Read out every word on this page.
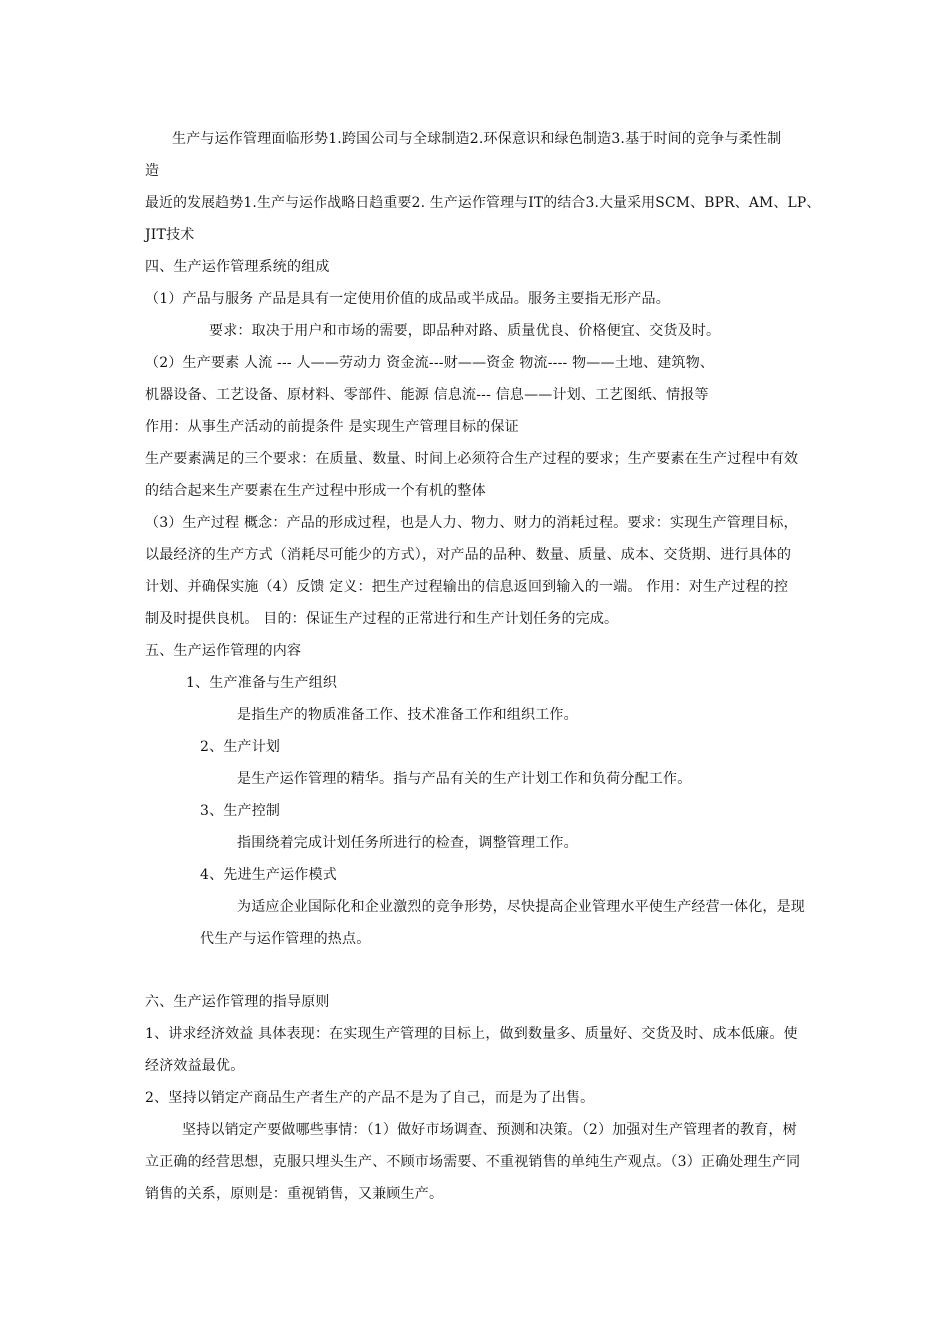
生产与运作管理面临形势1.跨国公司与全球制造2.环保意识和绿色制造3.基于时间的竞争与柔性制
造
最近的发展趋势1.生产与运作战略日趋重要2. 生产运作管理与IT的结合3.大量采用SCM、BPR、AM、LP、
JIT技术
四、生产运作管理系统的组成
（1）产品与服务 产品是具有一定使用价值的成品或半成品。服务主要指无形产品。
要求：取决于用户和市场的需要，即品种对路、质量优良、价格便宜、交货及时。
（2）生产要素 人流 --- 人——劳动力 资金流---财——资金 物流---- 物——土地、建筑物、
机器设备、工艺设备、原材料、零部件、能源 信息流--- 信息——计划、工艺图纸、情报等
作用：从事生产活动的前提条件 是实现生产管理目标的保证
生产要素满足的三个要求：在质量、数量、时间上必须符合生产过程的要求；生产要素在生产过程中有效
的结合起来生产要素在生产过程中形成一个有机的整体
（3）生产过程 概念：产品的形成过程，也是人力、物力、财力的消耗过程。要求：实现生产管理目标，
以最经济的生产方式（消耗尽可能少的方式），对产品的品种、数量、质量、成本、交货期、进行具体的
计划、并确保实施（4）反馈 定义：把生产过程输出的信息返回到输入的一端。 作用：对生产过程的控
制及时提供良机。 目的：保证生产过程的正常进行和生产计划任务的完成。
五、生产运作管理的内容
1、生产准备与生产组织
是指生产的物质准备工作、技术准备工作和组织工作。
2、生产计划
是生产运作管理的精华。指与产品有关的生产计划工作和负荷分配工作。
3、生产控制
指围绕着完成计划任务所进行的检查，调整管理工作。
4、先进生产运作模式
为适应企业国际化和企业激烈的竞争形势，尽快提高企业管理水平使生产经营一体化，是现
代生产与运作管理的热点。
六、生产运作管理的指导原则
1、讲求经济效益 具体表现：在实现生产管理的目标上，做到数量多、质量好、交货及时、成本低廉。使
经济效益最优。
2、坚持以销定产商品生产者生产的产品不是为了自己，而是为了出售。
坚持以销定产要做哪些事情：（1）做好市场调查、预测和决策。（2）加强对生产管理者的教育，树
立正确的经营思想，克服只埋头生产、不顾市场需要、不重视销售的单纯生产观点。（3）正确处理生产同
销售的关系，原则是：重视销售，又兼顾生产。
